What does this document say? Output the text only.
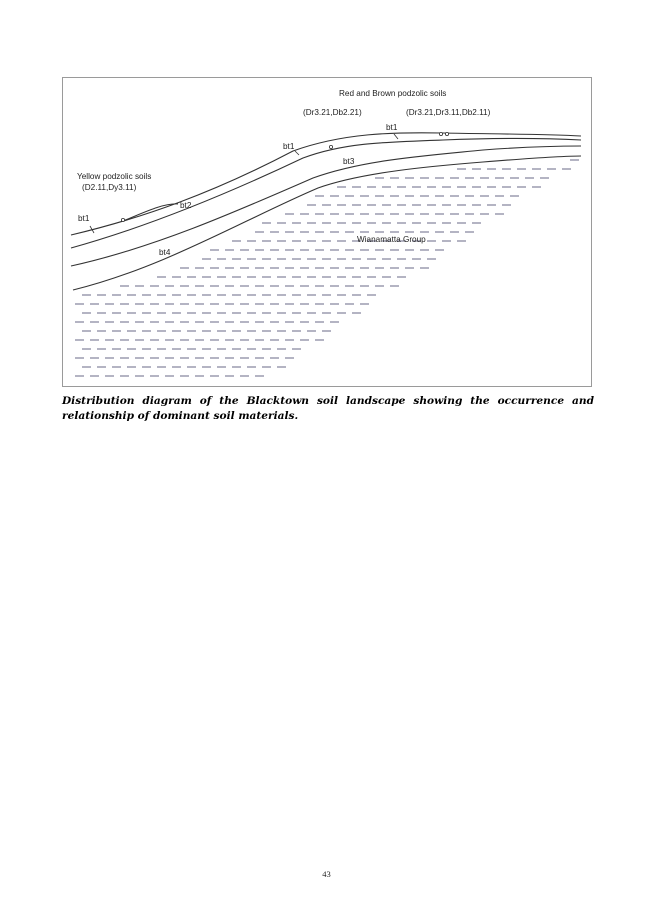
Red and Brown podzolic soils
(Dr3.21,Db2.21)	(Dr3.21,Dr3.11,Db2.11)
Yellow podzolic soils
(D2.11,Dy3.11)
bt1
bt1
bt1
bt2
bt3
bt4
Wianamatta Group

Distribution diagram of the Blacktown soil landscape showing the occurrence and relationship of dominant soil materials.

43
